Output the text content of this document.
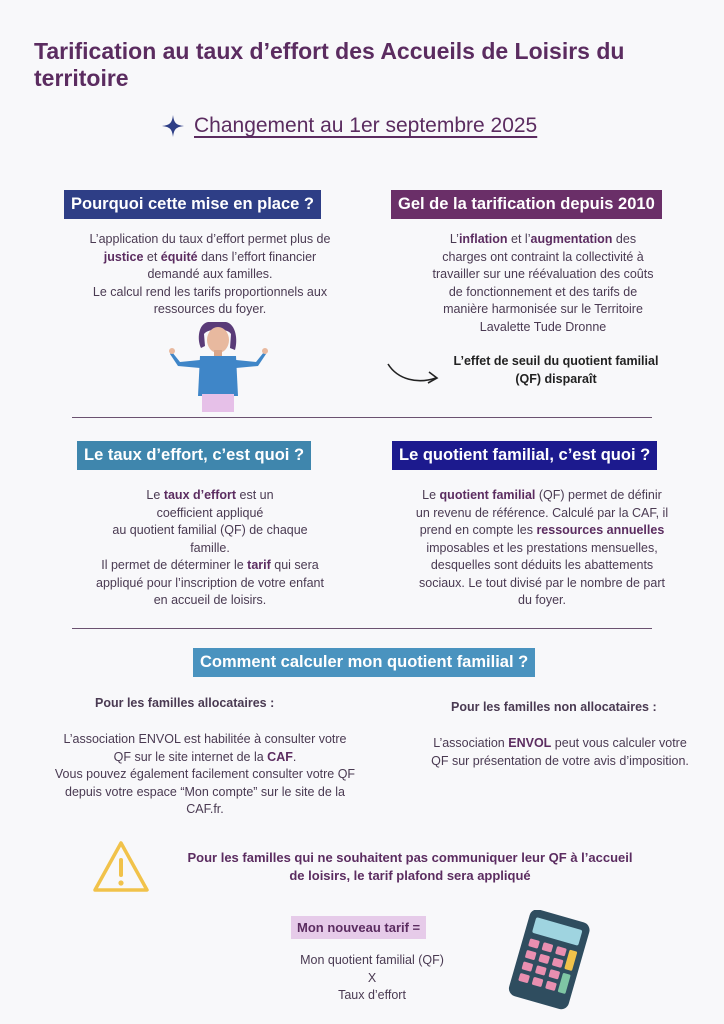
Tarification au taux d’effort des Accueils de Loisirs du territoire
Changement au 1er septembre 2025
Pourquoi cette mise en place ?
L’application du taux d’effort permet plus de
justice et équité dans l’effort financier
demandé aux familles.
Le calcul rend les tarifs proportionnels aux
ressources du foyer.
Gel de la tarification depuis 2010
L’inflation et l’augmentation des
charges ont contraint la collectivité à
travailler sur une réévaluation des coûts
de fonctionnement et des tarifs de
manière harmonisée sur le Territoire
Lavalette Tude Dronne
L’effet de seuil du quotient familial
(QF) disparaît
Le taux d’effort, c’est quoi ?
Le taux d’effort est un
coefficient appliqué
au quotient familial (QF) de chaque
famille.
Il permet de déterminer le tarif qui sera
appliqué pour l’inscription de votre enfant
en accueil de loisirs.
Le quotient familial, c’est quoi ?
Le quotient familial (QF) permet de définir
un revenu de référence. Calculé par la CAF, il
prend en compte les ressources annuelles
imposables et les prestations mensuelles,
desquelles sont déduits les abattements
sociaux. Le tout divisé par le nombre de part
du foyer.
Comment calculer mon quotient familial ?
Pour les familles allocataires :
L’association ENVOL est habilitée à consulter votre
QF sur le site internet de la CAF.
Vous pouvez également facilement consulter votre QF
depuis votre espace “Mon compte” sur le site de la
CAF.fr.
Pour les familles non allocataires :
L’association ENVOL peut vous calculer votre
QF sur présentation de votre avis d’imposition.
Pour les familles qui ne souhaitent pas communiquer leur QF à l’accueil
de loisirs, le tarif plafond sera appliqué
Mon nouveau tarif =
Mon quotient familial (QF)
X
Taux d’effort
